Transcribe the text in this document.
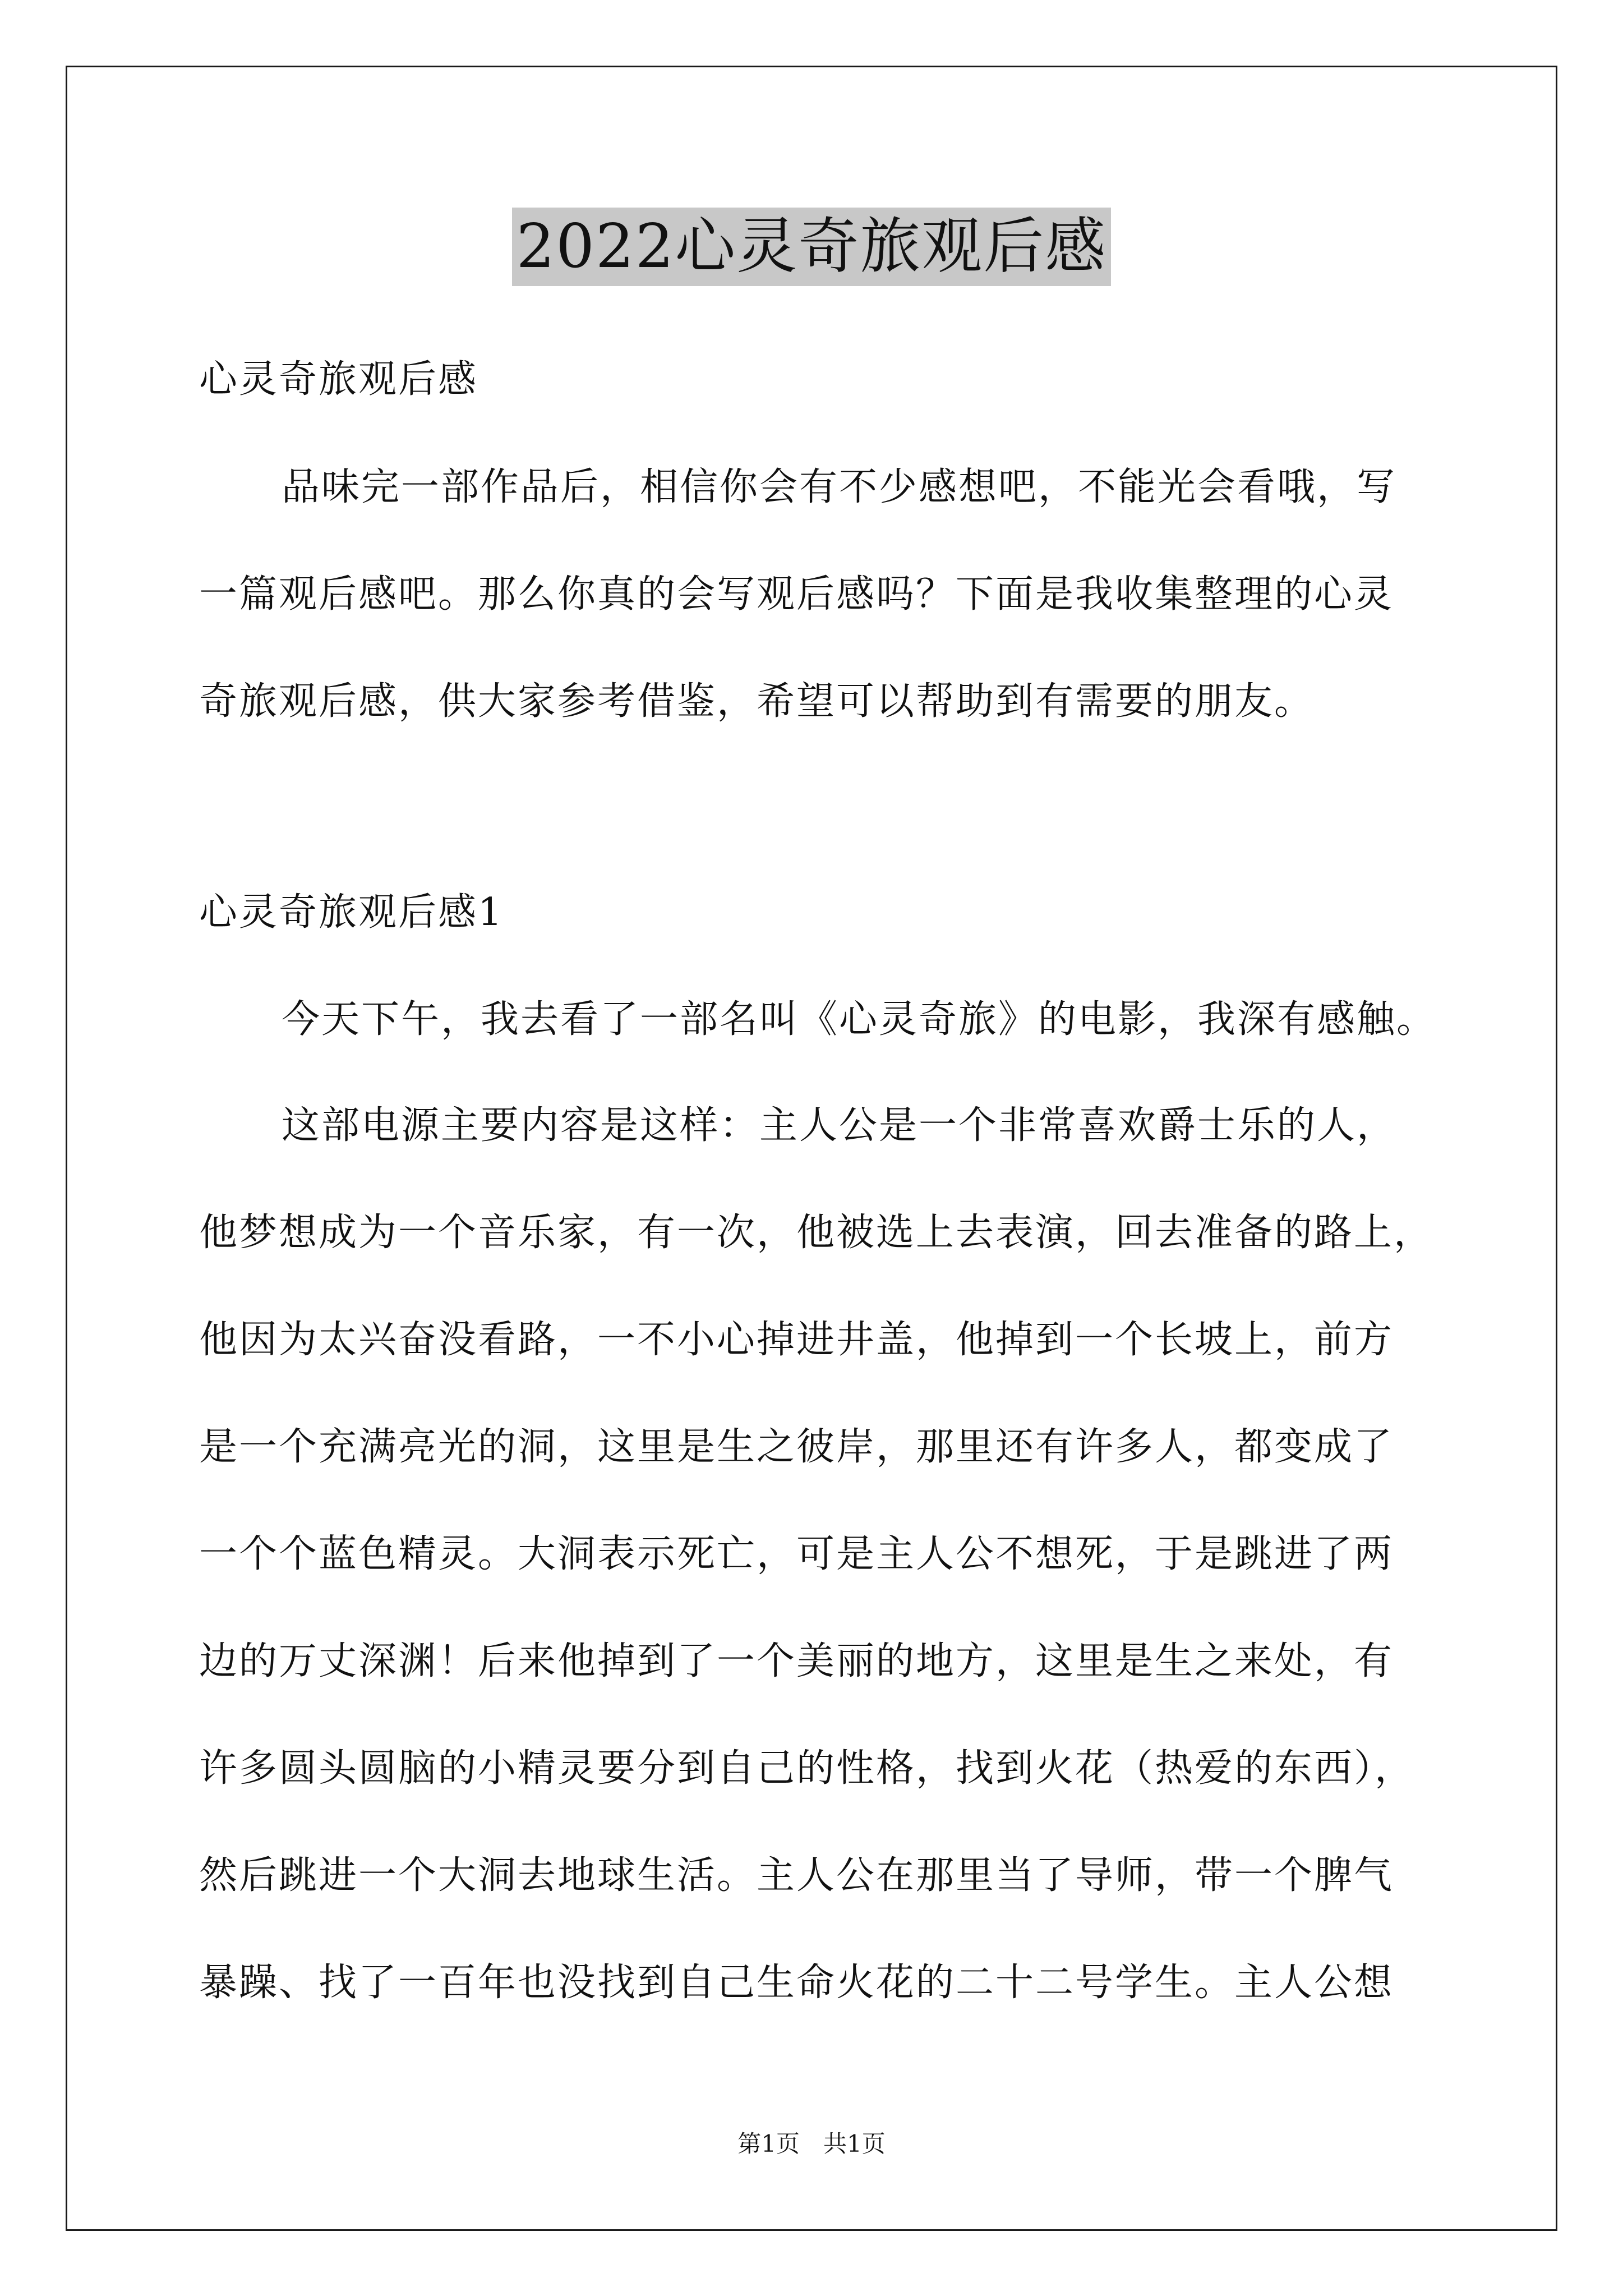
2022心灵奇旅观后感
心灵奇旅观后感
品味完一部作品后，相信你会有不少感想吧，不能光会看哦，写
一篇观后感吧。那么你真的会写观后感吗？下面是我收集整理的心灵
奇旅观后感，供大家参考借鉴，希望可以帮助到有需要的朋友。
心灵奇旅观后感1
今天下午，我去看了一部名叫《心灵奇旅》的电影，我深有感触。
这部电源主要内容是这样：主人公是一个非常喜欢爵士乐的人，
他梦想成为一个音乐家，有一次，他被选上去表演，回去准备的路上，
他因为太兴奋没看路，一不小心掉进井盖，他掉到一个长坡上，前方
是一个充满亮光的洞，这里是生之彼岸，那里还有许多人，都变成了
一个个蓝色精灵。大洞表示死亡，可是主人公不想死，于是跳进了两
边的万丈深渊！后来他掉到了一个美丽的地方，这里是生之来处，有
许多圆头圆脑的小精灵要分到自己的性格，找到火花（热爱的东西），
然后跳进一个大洞去地球生活。主人公在那里当了导师，带一个脾气
暴躁、找了一百年也没找到自己生命火花的二十二号学生。主人公想
第1页　共1页
